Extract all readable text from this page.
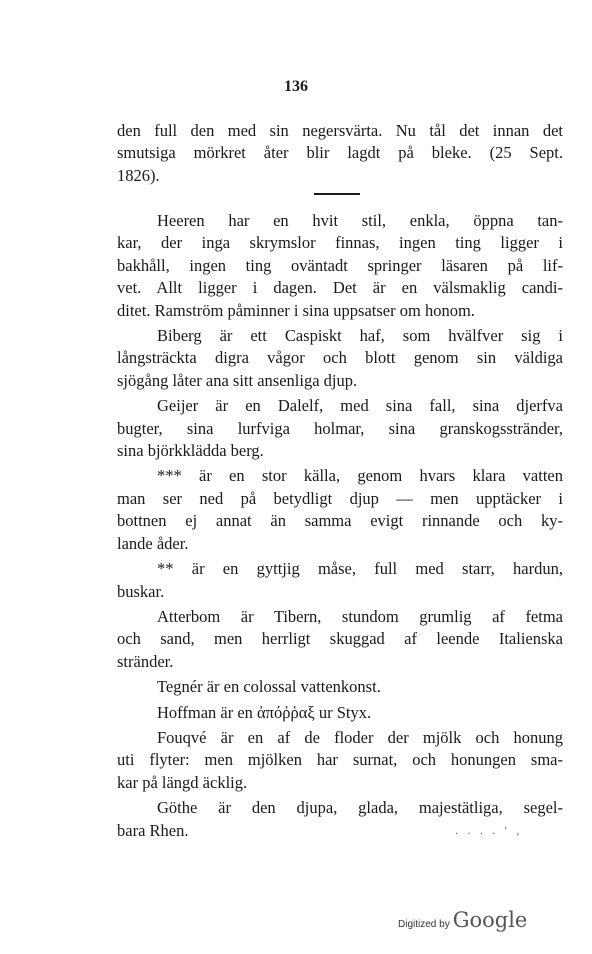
136
den full den med sin negersvärta. Nu tål det innan det
smutsiga mörkret åter blir lagdt på bleke. (25 Sept.
1826).
Heeren har en hvit stil, enkla, öppna tan-
kar, der inga skrymslor finnas, ingen ting ligger i
bakhåll, ingen ting oväntadt springer läsaren på lif-
vet. Allt ligger i dagen. Det är en välsmaklig candi-
ditet. Ramström påminner i sina uppsatser om honom.
Biberg är ett Caspiskt haf, som hvälfver sig i
långsträckta digra vågor och blott genom sin väldiga
sjögång låter ana sitt ansenliga djup.
Geijer är en Dalelf, med sina fall, sina djerfva
bugter, sina lurfviga holmar, sina granskogsstränder,
sina björkklädda berg.
*** är en stor källa, genom hvars klara vatten
man ser ned på betydligt djup — men upptäcker i
bottnen ej annat än samma evigt rinnande och ky-
lande åder.
** är en gyttjig måse, full med starr, hardun,
buskar.
Atterbom är Tibern, stundom grumlig af fetma
och sand, men herrligt skuggad af leende Italienska
stränder.
Tegnér är en colossal vattenkonst.
Hoffman är en ἀπόῤῥαξ ur Styx.
Fouqvé är en af de floder der mjölk och honung
uti flyter: men mjölken har surnat, och honungen sma-
kar på längd äcklig.
Göthe är den djupa, glada, majestätliga, segel-
bara Rhen.	. . . . ' ,
Digitized by Google
